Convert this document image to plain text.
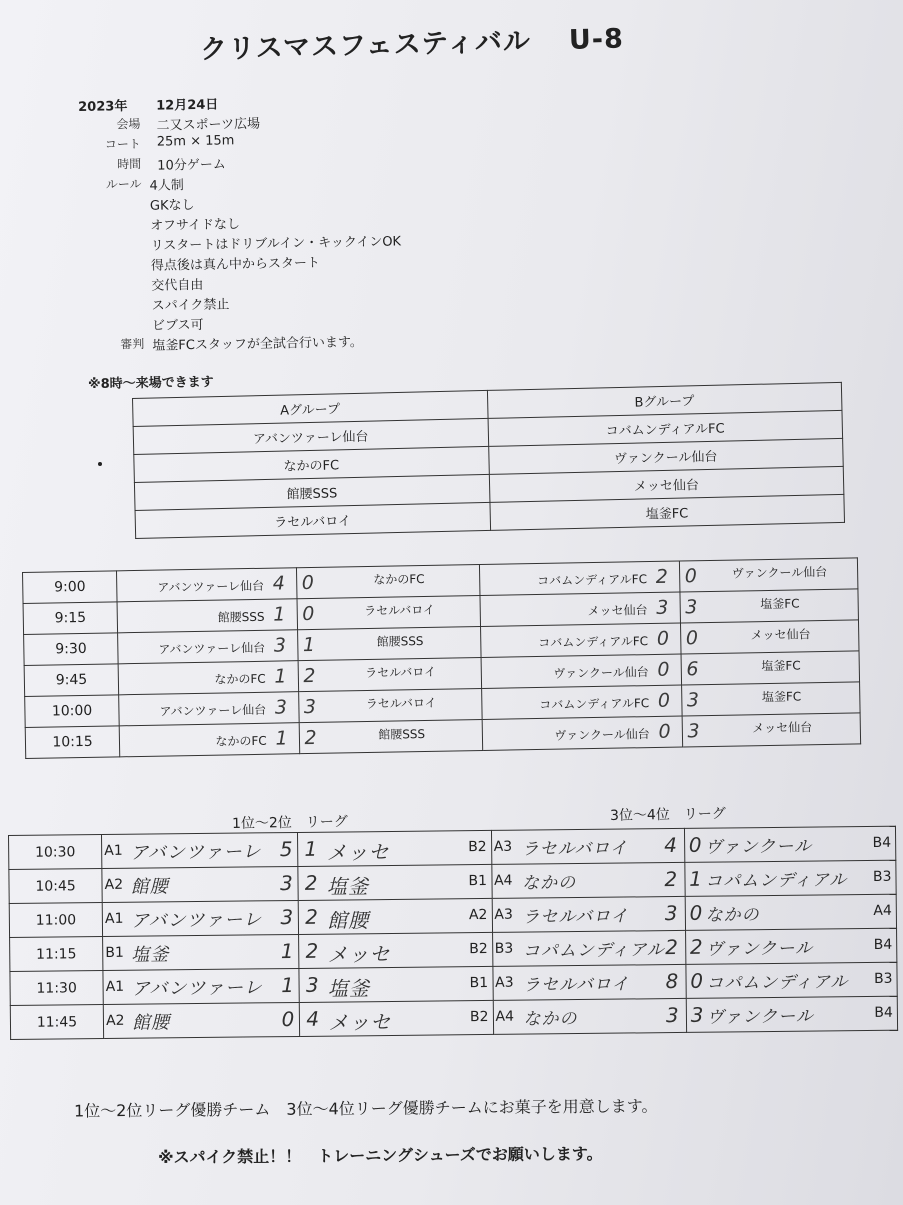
クリスマスフェスティバル U-8
2023年 12月24日
会場 二又スポーツ広場
コート 25m × 15m
時間 10分ゲーム
ルール 4人制
GKなし
オフサイドなし
リスタートはドリブルイン・キックインOK
得点後は真ん中からスタート
交代自由
スパイク禁止
ビブス可
審判 塩釜FCスタッフが全試合行います。
※8時～来場できます
Aグループ	Bグループ
アバンツァーレ仙台	コバムンディアルFC
なかのFC	ヴァンクール仙台
館腰SSS	メッセ仙台
ラセルバロイ	塩釜FC
9:00	アバンツァーレ仙台 4	0 なかのFC	コバムンディアルFC 2	0 ヴァンクール仙台
9:15	館腰SSS 1	0 ラセルバロイ	メッセ仙台 3	3 塩釜FC
9:30	アバンツァーレ仙台 3	1 館腰SSS	コバムンディアルFC 0	0 メッセ仙台
9:45	なかのFC 1	2 ラセルバロイ	ヴァンクール仙台 0	6 塩釜FC
10:00	アバンツァーレ仙台 3	3 ラセルバロイ	コバムンディアルFC 0	3 塩釜FC
10:15	なかのFC 1	2 館腰SSS	ヴァンクール仙台 0	3 メッセ仙台
1位～2位　リーグ	3位～4位　リーグ
10:30	A1 アバンツァーレ 5	1 メッセ B2	A3 ラセルバロイ 4	0 ヴァンクール B4

10:45	A2 館腰 3	2 塩釜 B1	A4 なかの 2	1 コパムンディアル B3

11:00	A1 アバンツァーレ 3	2 館腰 A2	A3 ラセルバロイ 3	0 なかの A4

11:15	B1 塩釜 1	2 メッセ B2	B3 コパムンディアル 2	2 ヴァンクール B4

11:30	A1 アバンツァーレ 1	3 塩釜 B1	A3 ラセルバロイ 8	0 コパムンディアル B3

11:45	A2 館腰 0	4 メッセ B2	A4 なかの 3	3 ヴァンクール B4
1位～2位リーグ優勝チーム　3位～4位リーグ優勝チームにお菓子を用意します。
※スパイク禁止！！　トレーニングシューズでお願いします。
